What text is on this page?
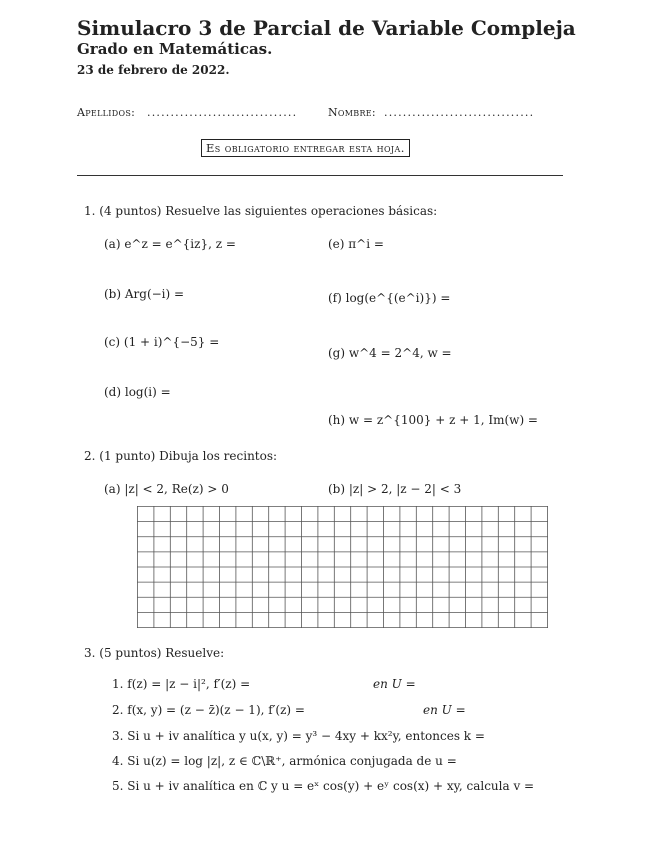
Simulacro 3 de Parcial de Variable Compleja
Grado en Matemáticas.
23 de febrero de 2022.
Apellidos: ................................	Nombre: ................................
Es obligatorio entregar esta hoja.
1. (4 puntos) Resuelve las siguientes operaciones básicas:
(a) e^z = e^{iz}, z =
(b) Arg(−i) =
(c) (1 + i)^{−5} =
(d) log(i) =
(e) π^i =
(f) log(e^{(e^i)}) =
(g) w^4 = 2^4, w =
(h) w = z^{100} + z + 1, Im(w) =
2. (1 punto) Dibuja los recintos:
(a) |z| < 2, Re(z) > 0	(b) |z| > 2, |z − 2| < 3
3. (5 puntos) Resuelve:
1. f(z) = |z − i|², f′(z) =	en U =
2. f(x, y) = (z − z̄)(z − 1), f′(z) =	en U =
3. Si u + iv analítica y u(x, y) = y³ − 4xy + kx²y, entonces k =
4. Si u(z) = log |z|, z ∈ ℂ\ℝ⁺, armónica conjugada de u =
5. Si u + iv analítica en ℂ y u = eˣ cos(y) + eʸ cos(x) + xy, calcula v =
